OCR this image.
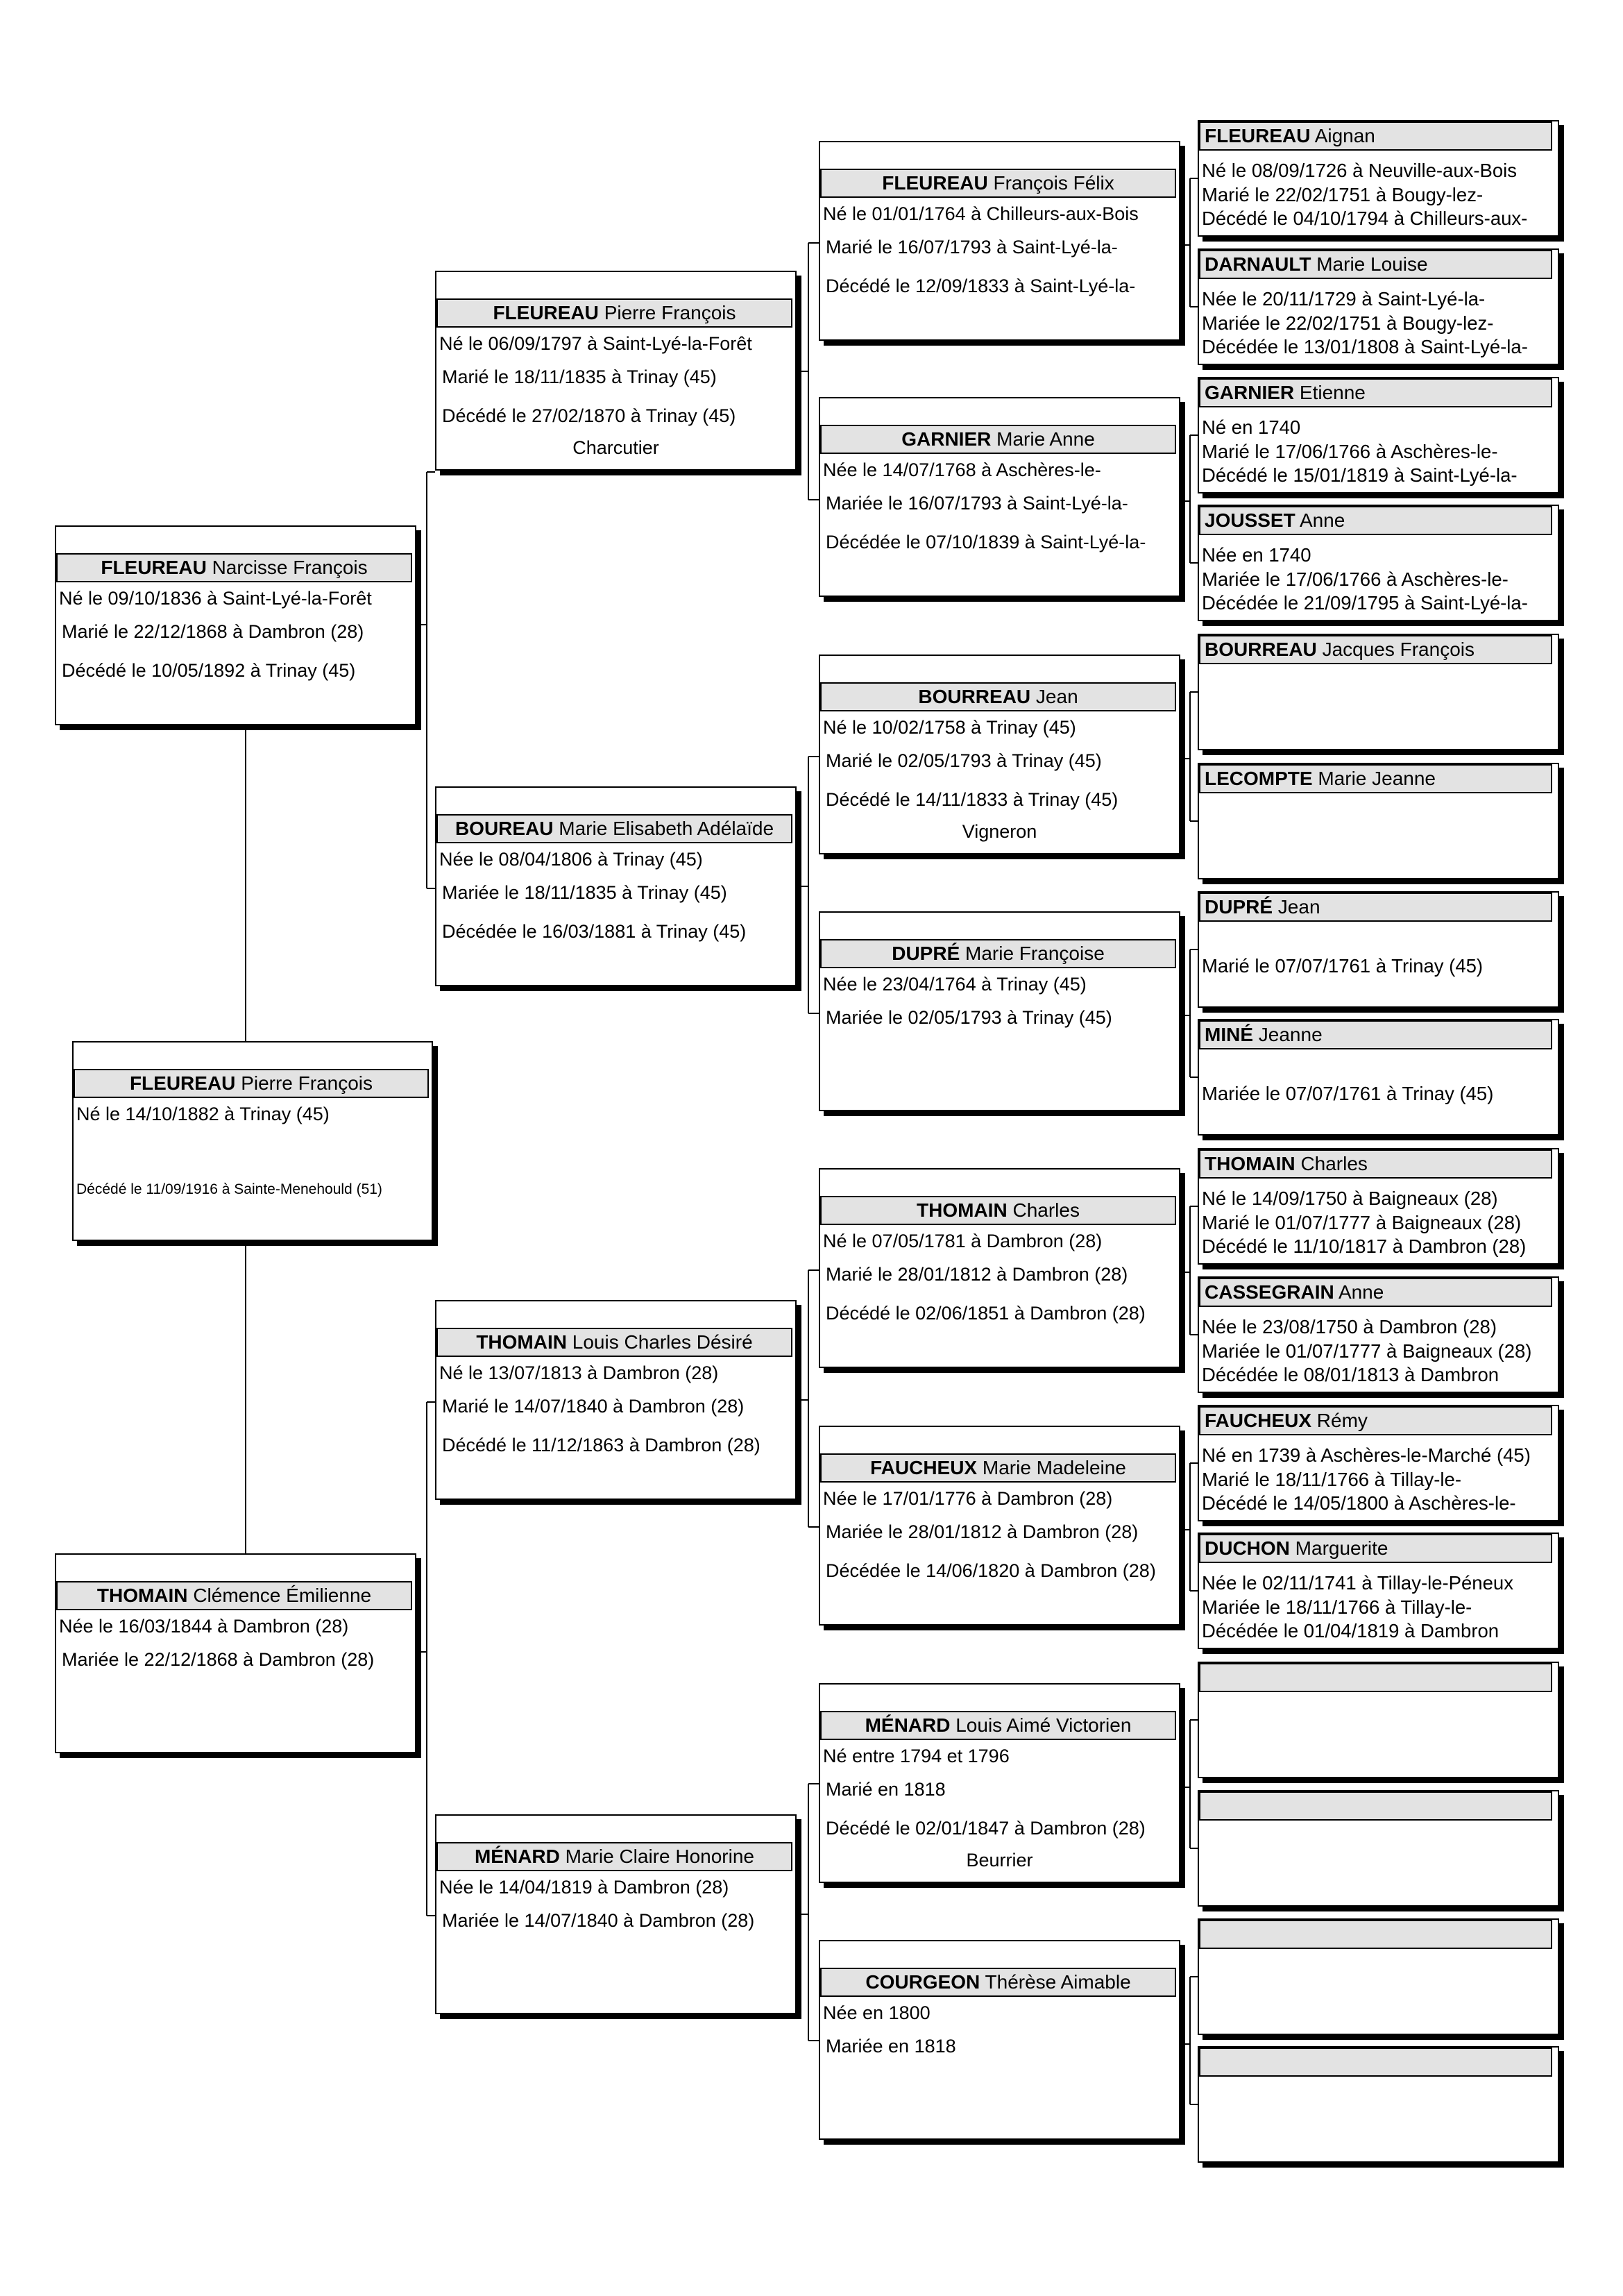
FLEUREAU Pierre François
Né le 14/10/1882 à Trinay (45)
Décédé le 11/09/1916 à Sainte-Menehould (51)
FLEUREAU Narcisse François
Né le 09/10/1836 à Saint-Lyé-la-Forêt
Marié le 22/12/1868 à Dambron (28)
Décédé le 10/05/1892 à Trinay (45)
THOMAIN Clémence Émilienne
Née le 16/03/1844 à Dambron (28)
Mariée le 22/12/1868 à Dambron (28)
FLEUREAU Pierre François
Né le 06/09/1797 à Saint-Lyé-la-Forêt
Marié le 18/11/1835 à Trinay (45)
Décédé le 27/02/1870 à Trinay (45)
Charcutier
BOUREAU Marie Elisabeth Adélaïde
Née le 08/04/1806 à Trinay (45)
Mariée le 18/11/1835 à Trinay (45)
Décédée le 16/03/1881 à Trinay (45)
THOMAIN Louis Charles Désiré
Né le 13/07/1813 à Dambron (28)
Marié le 14/07/1840 à Dambron (28)
Décédé le 11/12/1863 à Dambron (28)
MÉNARD Marie Claire Honorine
Née le 14/04/1819 à Dambron (28)
Mariée le 14/07/1840 à Dambron (28)
FLEUREAU François Félix
Né le 01/01/1764 à Chilleurs-aux-Bois
Marié le 16/07/1793 à Saint-Lyé-la-
Décédé le 12/09/1833 à Saint-Lyé-la-
GARNIER Marie Anne
Née le 14/07/1768 à Aschères-le-
Mariée le 16/07/1793 à Saint-Lyé-la-
Décédée le 07/10/1839 à Saint-Lyé-la-
BOURREAU Jean
Né le 10/02/1758 à Trinay (45)
Marié le 02/05/1793 à Trinay (45)
Décédé le 14/11/1833 à Trinay (45)
Vigneron
DUPRÉ Marie Françoise
Née le 23/04/1764 à Trinay (45)
Mariée le 02/05/1793 à Trinay (45)
THOMAIN Charles
Né le 07/05/1781 à Dambron (28)
Marié le 28/01/1812 à Dambron (28)
Décédé le 02/06/1851 à Dambron (28)
FAUCHEUX Marie Madeleine
Née le 17/01/1776 à Dambron (28)
Mariée le 28/01/1812 à Dambron (28)
Décédée le 14/06/1820 à Dambron (28)
MÉNARD Louis Aimé Victorien
Né entre 1794 et 1796
Marié en 1818
Décédé le 02/01/1847 à Dambron (28)
Beurrier
COURGEON Thérèse Aimable
Née en 1800
Mariée en 1818
FLEUREAU Aignan
Né le 08/09/1726 à Neuville-aux-Bois
Marié le 22/02/1751 à Bougy-lez-
Décédé le 04/10/1794 à Chilleurs-aux-
DARNAULT Marie Louise
Née le 20/11/1729 à Saint-Lyé-la-
Mariée le 22/02/1751 à Bougy-lez-
Décédée le 13/01/1808 à Saint-Lyé-la-
GARNIER Etienne
Né en 1740
Marié le 17/06/1766 à Aschères-le-
Décédé le 15/01/1819 à Saint-Lyé-la-
JOUSSET Anne
Née en 1740
Mariée le 17/06/1766 à Aschères-le-
Décédée le 21/09/1795 à Saint-Lyé-la-
BOURREAU Jacques François
LECOMPTE Marie Jeanne
DUPRÉ Jean
Marié le 07/07/1761 à Trinay (45)
MINÉ Jeanne
Mariée le 07/07/1761 à Trinay (45)
THOMAIN Charles
Né le 14/09/1750 à Baigneaux (28)
Marié le 01/07/1777 à Baigneaux (28)
Décédé le 11/10/1817 à Dambron (28)
CASSEGRAIN Anne
Née le 23/08/1750 à Dambron (28)
Mariée le 01/07/1777 à Baigneaux (28)
Décédée le 08/01/1813 à Dambron
FAUCHEUX Rémy
Né en 1739 à Aschères-le-Marché (45)
Marié le 18/11/1766 à Tillay-le-
Décédé le 14/05/1800 à Aschères-le-
DUCHON Marguerite
Née le 02/11/1741 à Tillay-le-Péneux
Mariée le 18/11/1766 à Tillay-le-
Décédée le 01/04/1819 à Dambron
